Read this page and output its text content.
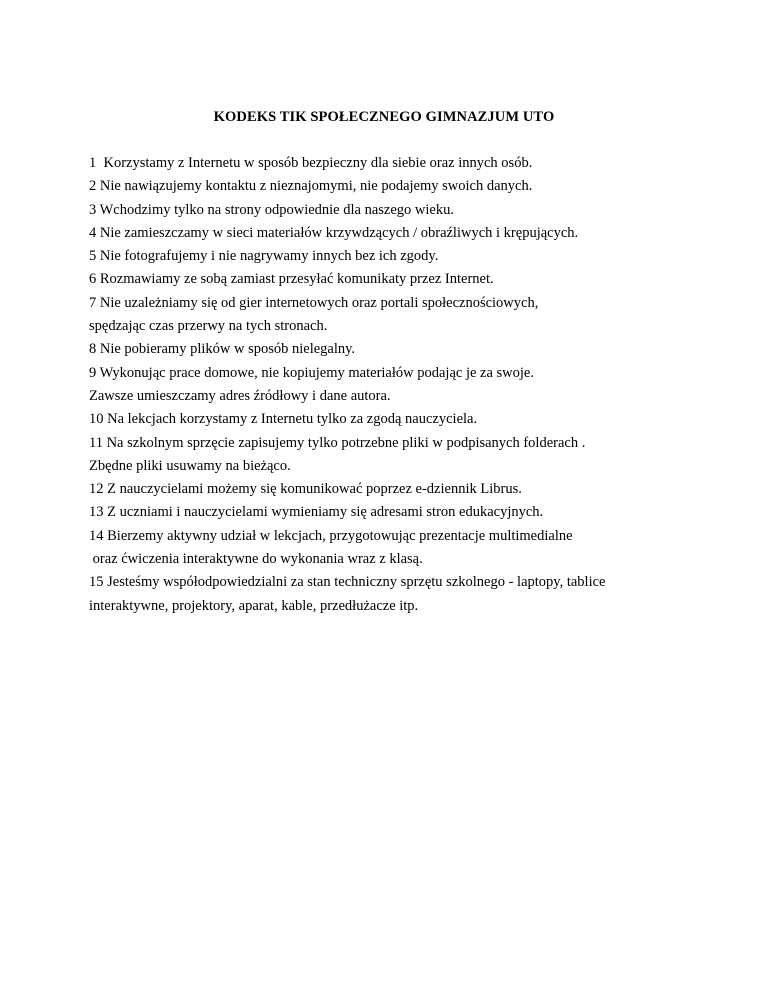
KODEKS TIK SPOŁECZNEGO GIMNAZJUM UTO
1  Korzystamy z Internetu w sposób bezpieczny dla siebie oraz innych osób.
2 Nie nawiązujemy kontaktu z nieznajomymi, nie podajemy swoich danych.
3 Wchodzimy tylko na strony odpowiednie dla naszego wieku.
4 Nie zamieszczamy w sieci materiałów krzywdzących / obraźliwych i krępujących.
5 Nie fotografujemy i nie nagrywamy innych bez ich zgody.
6 Rozmawiamy ze sobą zamiast przesyłać komunikaty przez Internet.
7 Nie uzależniamy się od gier internetowych oraz portali społecznościowych,
spędzając czas przerwy na tych stronach.
8 Nie pobieramy plików w sposób nielegalny.
9 Wykonując prace domowe, nie kopiujemy materiałów podając je za swoje.
Zawsze umieszczamy adres źródłowy i dane autora.
10 Na lekcjach korzystamy z Internetu tylko za zgodą nauczyciela.
11 Na szkolnym sprzęcie zapisujemy tylko potrzebne pliki w podpisanych folderach .
Zbędne pliki usuwamy na bieżąco.
12 Z nauczycielami możemy się komunikować poprzez e-dziennik Librus.
13 Z uczniami i nauczycielami wymieniamy się adresami stron edukacyjnych.
14 Bierzemy aktywny udział w lekcjach, przygotowując prezentacje multimedialne
oraz ćwiczenia interaktywne do wykonania wraz z klasą.
15 Jesteśmy współodpowiedzialni za stan techniczny sprzętu szkolnego - laptopy, tablice
interaktywne, projektory, aparat, kable, przedłużacze itp.
